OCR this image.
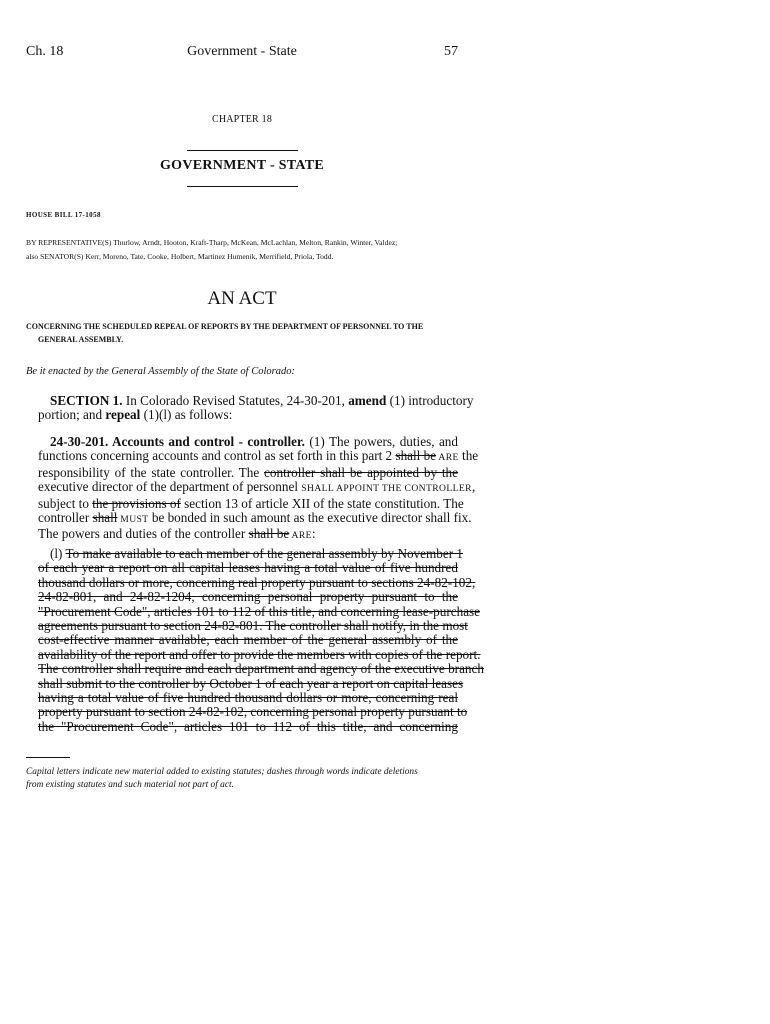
Ch. 18	Government - State	57
CHAPTER 18
GOVERNMENT - STATE
HOUSE BILL 17-1058
BY REPRESENTATIVE(S) Thurlow, Arndt, Hooton, Kraft-Tharp, McKean, McLachlan, Melton, Rankin, Winter, Valdez;
also SENATOR(S) Kerr, Moreno, Tate, Cooke, Holbert, Martinez Humenik, Merrifield, Priola, Todd.
AN ACT
CONCERNING THE SCHEDULED REPEAL OF REPORTS BY THE DEPARTMENT OF PERSONNEL TO THE
GENERAL ASSEMBLY.
Be it enacted by the General Assembly of the State of Colorado:
SECTION 1. In Colorado Revised Statutes, 24-30-201, amend (1) introductory
portion; and repeal (1)(l) as follows:
24-30-201. Accounts and control - controller. (1) The powers, duties, and
functions concerning accounts and control as set forth in this part 2 shall be ARE the
responsibility of the state controller. The controller shall be appointed by the
executive director of the department of personnel SHALL APPOINT THE CONTROLLER,
subject to the provisions of section 13 of article XII of the state constitution. The
controller shall MUST be bonded in such amount as the executive director shall fix.
The powers and duties of the controller shall be ARE:
(l) To make available to each member of the general assembly by November 1
of each year a report on all capital leases having a total value of five hundred
thousand dollars or more, concerning real property pursuant to sections 24-82-102,
24-82-801, and 24-82-1204, concerning personal property pursuant to the
"Procurement Code", articles 101 to 112 of this title, and concerning lease-purchase
agreements pursuant to section 24-82-801. The controller shall notify, in the most
cost-effective manner available, each member of the general assembly of the
availability of the report and offer to provide the members with copies of the report.
The controller shall require and each department and agency of the executive branch
shall submit to the controller by October 1 of each year a report on capital leases
having a total value of five hundred thousand dollars or more, concerning real
property pursuant to section 24-82-102, concerning personal property pursuant to
the "Procurement Code", articles 101 to 112 of this title, and concerning
Capital letters indicate new material added to existing statutes; dashes through words indicate deletions
from existing statutes and such material not part of act.
